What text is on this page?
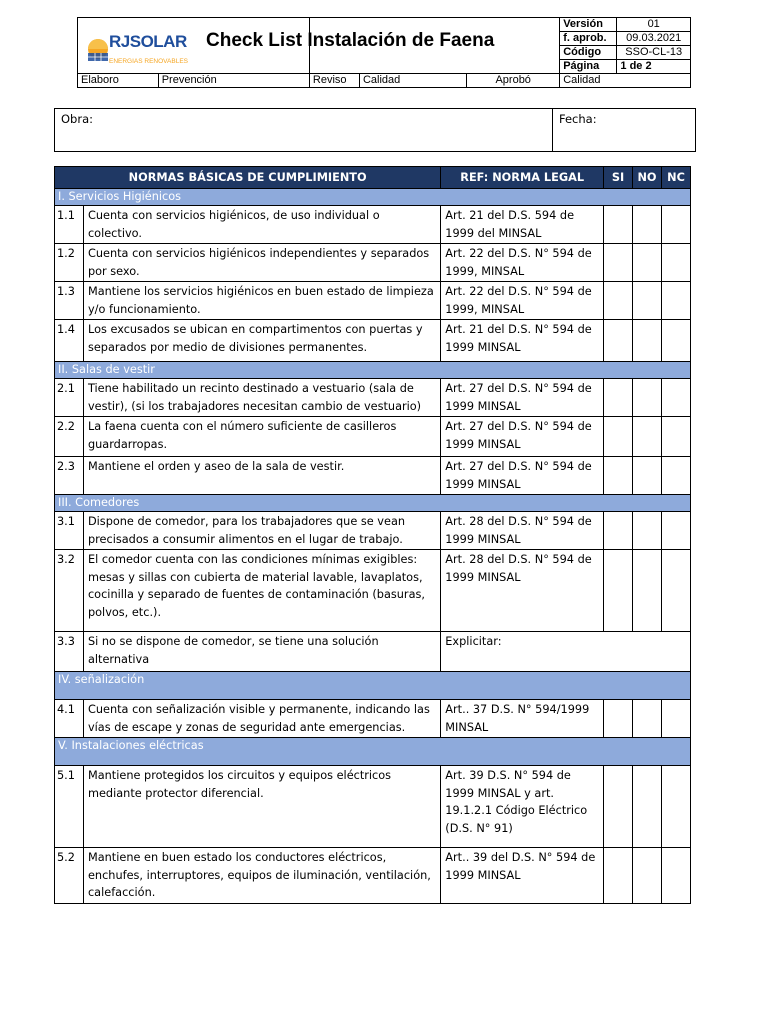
RJSOLAR
ENERGIAS RENOVABLES
Check List Instalación de Faena					Versión	01
					f. aprob.	09.03.2021
					Código	SSO-CL-13
					Página	1 de 2
Elaboro	Prevención	Reviso	Calidad	Aprobó	Calidad	
Obra:	Fecha:
NORMAS BÁSICAS DE CUMPLIMIENTO		REF: NORMA LEGAL	SI	NO	NC
I. Servicios Higiénicos					
1.1	Cuenta con servicios higiénicos, de uso individual o colectivo.	Art. 21 del D.S. 594 de 1999 del MINSAL			
1.2	Cuenta con servicios higiénicos independientes y separados por sexo.	Art. 22 del D.S. N° 594 de 1999, MINSAL			
1.3	Mantiene los servicios higiénicos en buen estado de limpieza y/o funcionamiento.	Art. 22 del D.S. N° 594 de 1999, MINSAL			
1.4	Los excusados se ubican en compartimentos con puertas y separados por medio de divisiones permanentes.	Art. 21 del D.S. N° 594 de 1999 MINSAL			
II. Salas de vestir					
2.1	Tiene habilitado un recinto destinado a vestuario (sala de vestir), (si los trabajadores necesitan cambio de vestuario)	Art. 27 del D.S. N° 594 de 1999 MINSAL			
2.2	La faena cuenta con el número suficiente de casilleros guardarropas.	Art. 27 del D.S. N° 594 de 1999 MINSAL			
2.3	Mantiene el orden y aseo de la sala de vestir.	Art. 27 del D.S. N° 594 de 1999 MINSAL			
III. Comedores					
3.1	Dispone de comedor, para los trabajadores que se vean precisados a consumir alimentos en el lugar de trabajo.	Art. 28 del D.S. N° 594 de 1999 MINSAL			
3.2	El comedor cuenta con las condiciones mínimas exigibles: mesas y sillas con cubierta de material lavable, lavaplatos, cocinilla y separado de fuentes de contaminación (basuras, polvos, etc.).	Art. 28 del D.S. N° 594 de 1999 MINSAL			
3.3	Si no se dispone de comedor, se tiene una solución alternativa	Explicitar:			
IV. señalización					
4.1	Cuenta con señalización visible y permanente, indicando las vías de escape y zonas de seguridad ante emergencias.	Art.. 37 D.S. N° 594/1999 MINSAL			
V. Instalaciones eléctricas					
5.1	Mantiene protegidos los circuitos y equipos eléctricos mediante protector diferencial.	Art. 39 D.S. N° 594 de 1999 MINSAL y art. 19.1.2.1 Código Eléctrico (D.S. N° 91)			
5.2	Mantiene en buen estado los conductores eléctricos, enchufes, interruptores, equipos de iluminación, ventilación, calefacción.	Art.. 39 del D.S. N° 594 de 1999 MINSAL			
